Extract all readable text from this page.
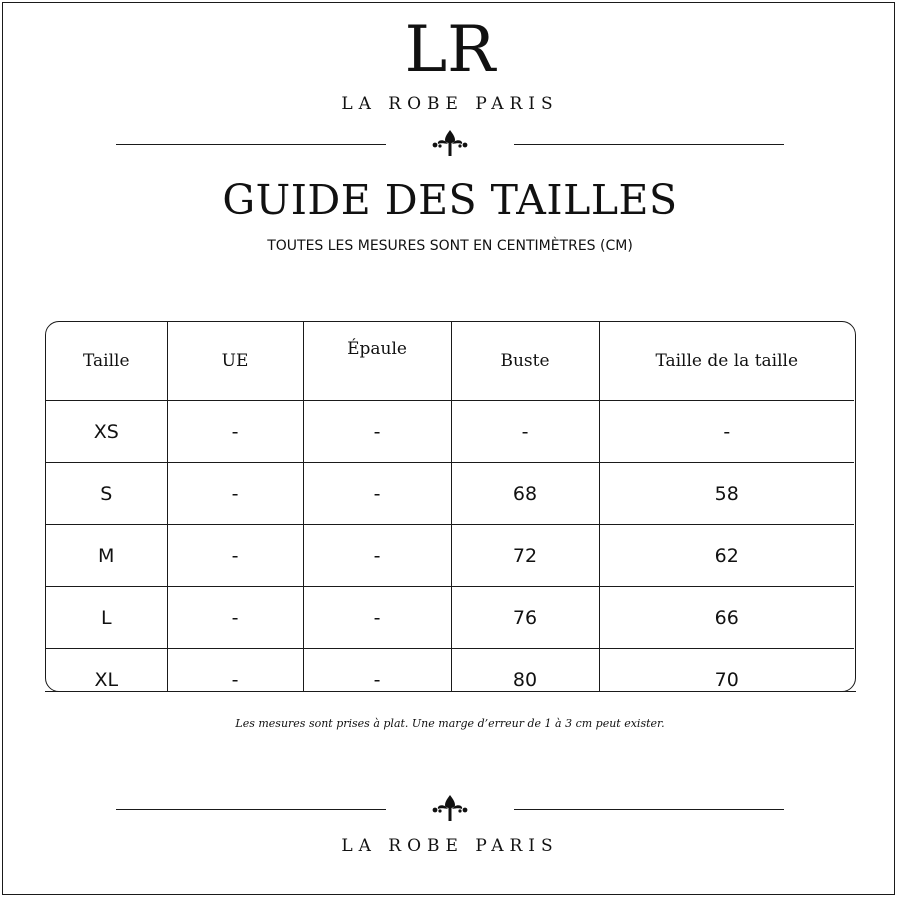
LR
LA ROBE PARIS
GUIDE DES TAILLES
TOUTES LES MESURES SONT EN CENTIMÈTRES (CM)
Taille	UE	Épaule	Buste	Taille de la taille
XS	-	-	-	-
S	-	-	68	58
M	-	-	72	62
L	-	-	76	66
XL	-	-	80	70
Les mesures sont prises à plat. Une marge d’erreur de 1 à 3 cm peut exister.
LA ROBE PARIS
